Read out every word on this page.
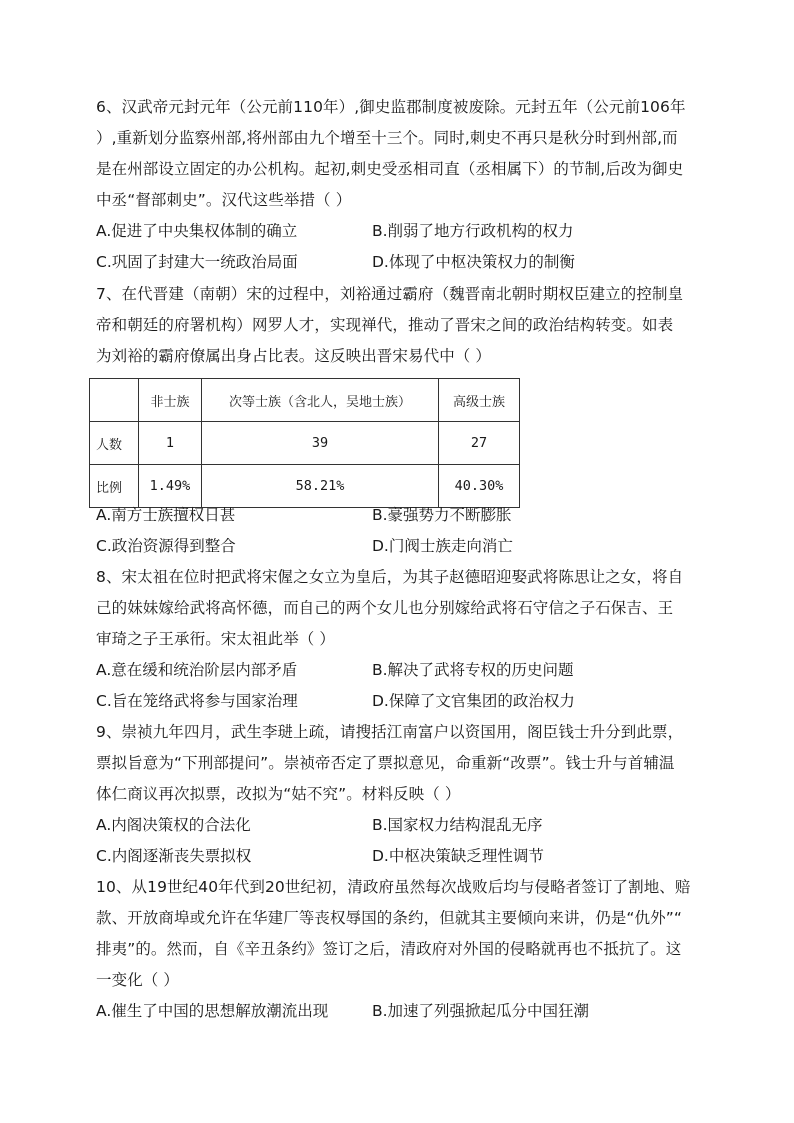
6、汉武帝元封元年（公元前110年）,御史监郡制度被废除。元封五年（公元前106年
）,重新划分监察州部,将州部由九个增至十三个。同时,刺史不再只是秋分时到州部,而
是在州部设立固定的办公机构。起初,刺史受丞相司直（丞相属下）的节制,后改为御史
中丞“督部刺史”。汉代这些举措（ ）
A.促进了中央集权体制的确立	B.削弱了地方行政机构的权力
C.巩固了封建大一统政治局面	D.体现了中枢决策权力的制衡
7、在代晋建（南朝）宋的过程中，刘裕通过霸府（魏晋南北朝时期权臣建立的控制皇
帝和朝廷的府署机构）网罗人才，实现禅代，推动了晋宋之间的政治结构转变。如表
为刘裕的霸府僚属出身占比表。这反映出晋宋易代中（ ）
	非士族	次等士族（含北人，吴地士族）	高级士族
人数	1	39	27
比例	1.49%	58.21%	40.30%
A.南方士族擅权日甚	B.豪强势力不断膨胀
C.政治资源得到整合	D.门阀士族走向消亡
8、宋太祖在位时把武将宋偓之女立为皇后，为其子赵德昭迎娶武将陈思让之女，将自
己的妹妹嫁给武将高怀德，而自己的两个女儿也分别嫁给武将石守信之子石保吉、王
审琦之子王承衎。宋太祖此举（ ）
A.意在缓和统治阶层内部矛盾	B.解决了武将专权的历史问题
C.旨在笼络武将参与国家治理	D.保障了文官集团的政治权力
9、崇祯九年四月，武生李琎上疏，请搜括江南富户以资国用，阁臣钱士升分到此票，
票拟旨意为“下刑部提问”。崇祯帝否定了票拟意见，命重新“改票”。钱士升与首辅温
体仁商议再次拟票，改拟为“姑不究”。材料反映（ ）
A.内阁决策权的合法化	B.国家权力结构混乱无序
C.内阁逐渐丧失票拟权	D.中枢决策缺乏理性调节
10、从19世纪40年代到20世纪初，清政府虽然每次战败后均与侵略者签订了割地、赔
款、开放商埠或允许在华建厂等丧权辱国的条约，但就其主要倾向来讲，仍是“仇外”“
排夷”的。然而，自《辛丑条约》签订之后，清政府对外国的侵略就再也不抵抗了。这
一变化（ ）
A.催生了中国的思想解放潮流出现	B.加速了列强掀起瓜分中国狂潮
